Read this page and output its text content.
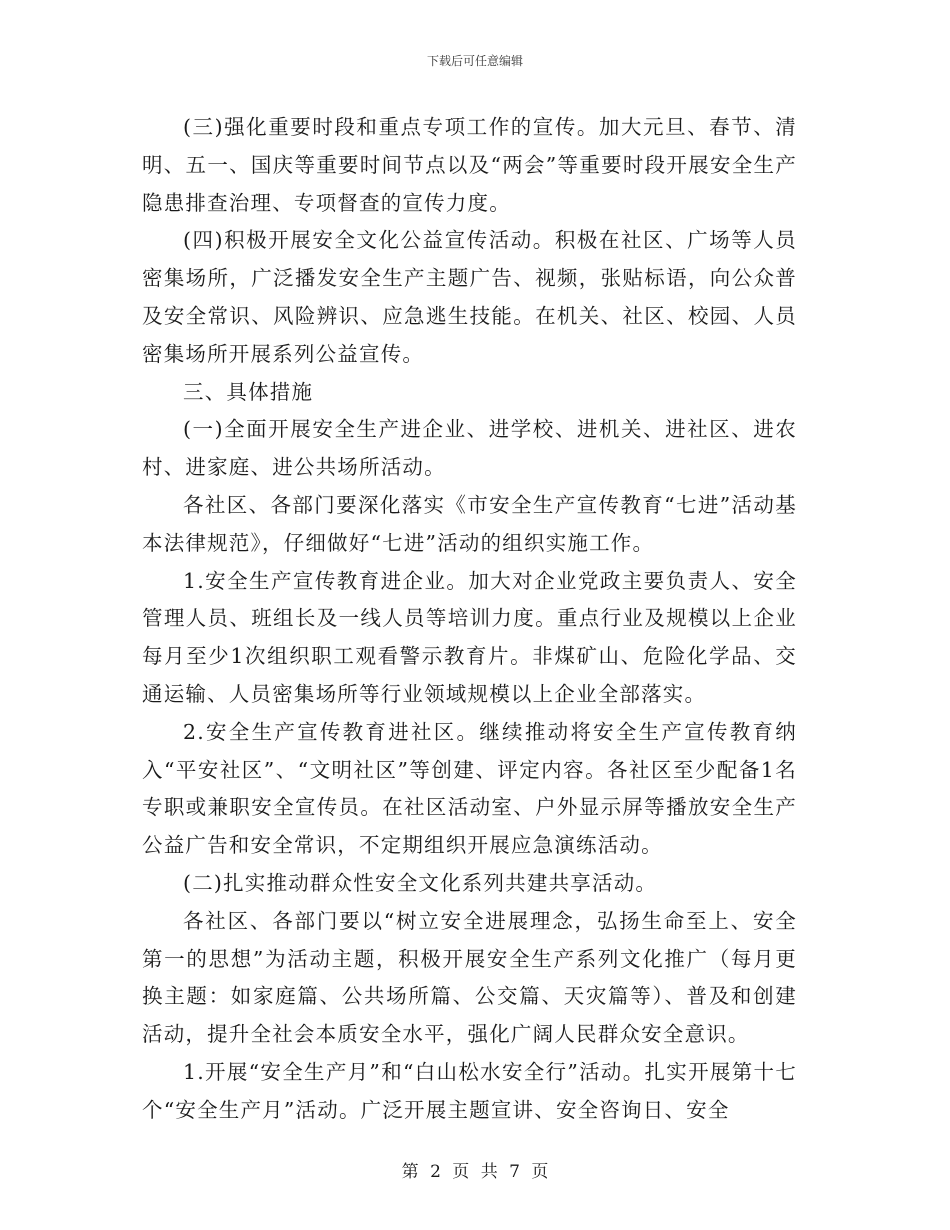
下载后可任意编辑

(三)强化重要时段和重点专项工作的宣传。加大元旦、春节、清明、五一、国庆等重要时间节点以及“两会”等重要时段开展安全生产隐患排查治理、专项督查的宣传力度。

(四)积极开展安全文化公益宣传活动。积极在社区、广场等人员密集场所，广泛播发安全生产主题广告、视频，张贴标语，向公众普及安全常识、风险辨识、应急逃生技能。在机关、社区、校园、人员密集场所开展系列公益宣传。

三、具体措施

(一)全面开展安全生产进企业、进学校、进机关、进社区、进农村、进家庭、进公共场所活动。

各社区、各部门要深化落实《市安全生产宣传教育“七进”活动基本法律规范》，仔细做好“七进”活动的组织实施工作。

1.安全生产宣传教育进企业。加大对企业党政主要负责人、安全管理人员、班组长及一线人员等培训力度。重点行业及规模以上企业每月至少1次组织职工观看警示教育片。非煤矿山、危险化学品、交通运输、人员密集场所等行业领域规模以上企业全部落实。

2.安全生产宣传教育进社区。继续推动将安全生产宣传教育纳入“平安社区”、“文明社区”等创建、评定内容。各社区至少配备1名专职或兼职安全宣传员。在社区活动室、户外显示屏等播放安全生产公益广告和安全常识，不定期组织开展应急演练活动。

(二)扎实推动群众性安全文化系列共建共享活动。

各社区、各部门要以“树立安全进展理念，弘扬生命至上、安全第一的思想”为活动主题，积极开展安全生产系列文化推广（每月更换主题：如家庭篇、公共场所篇、公交篇、天灾篇等）、普及和创建活动，提升全社会本质安全水平，强化广阔人民群众安全意识。

1.开展“安全生产月”和“白山松水安全行”活动。扎实开展第十七个“安全生产月”活动。广泛开展主题宣讲、安全咨询日、安全

第 2 页 共 7 页
